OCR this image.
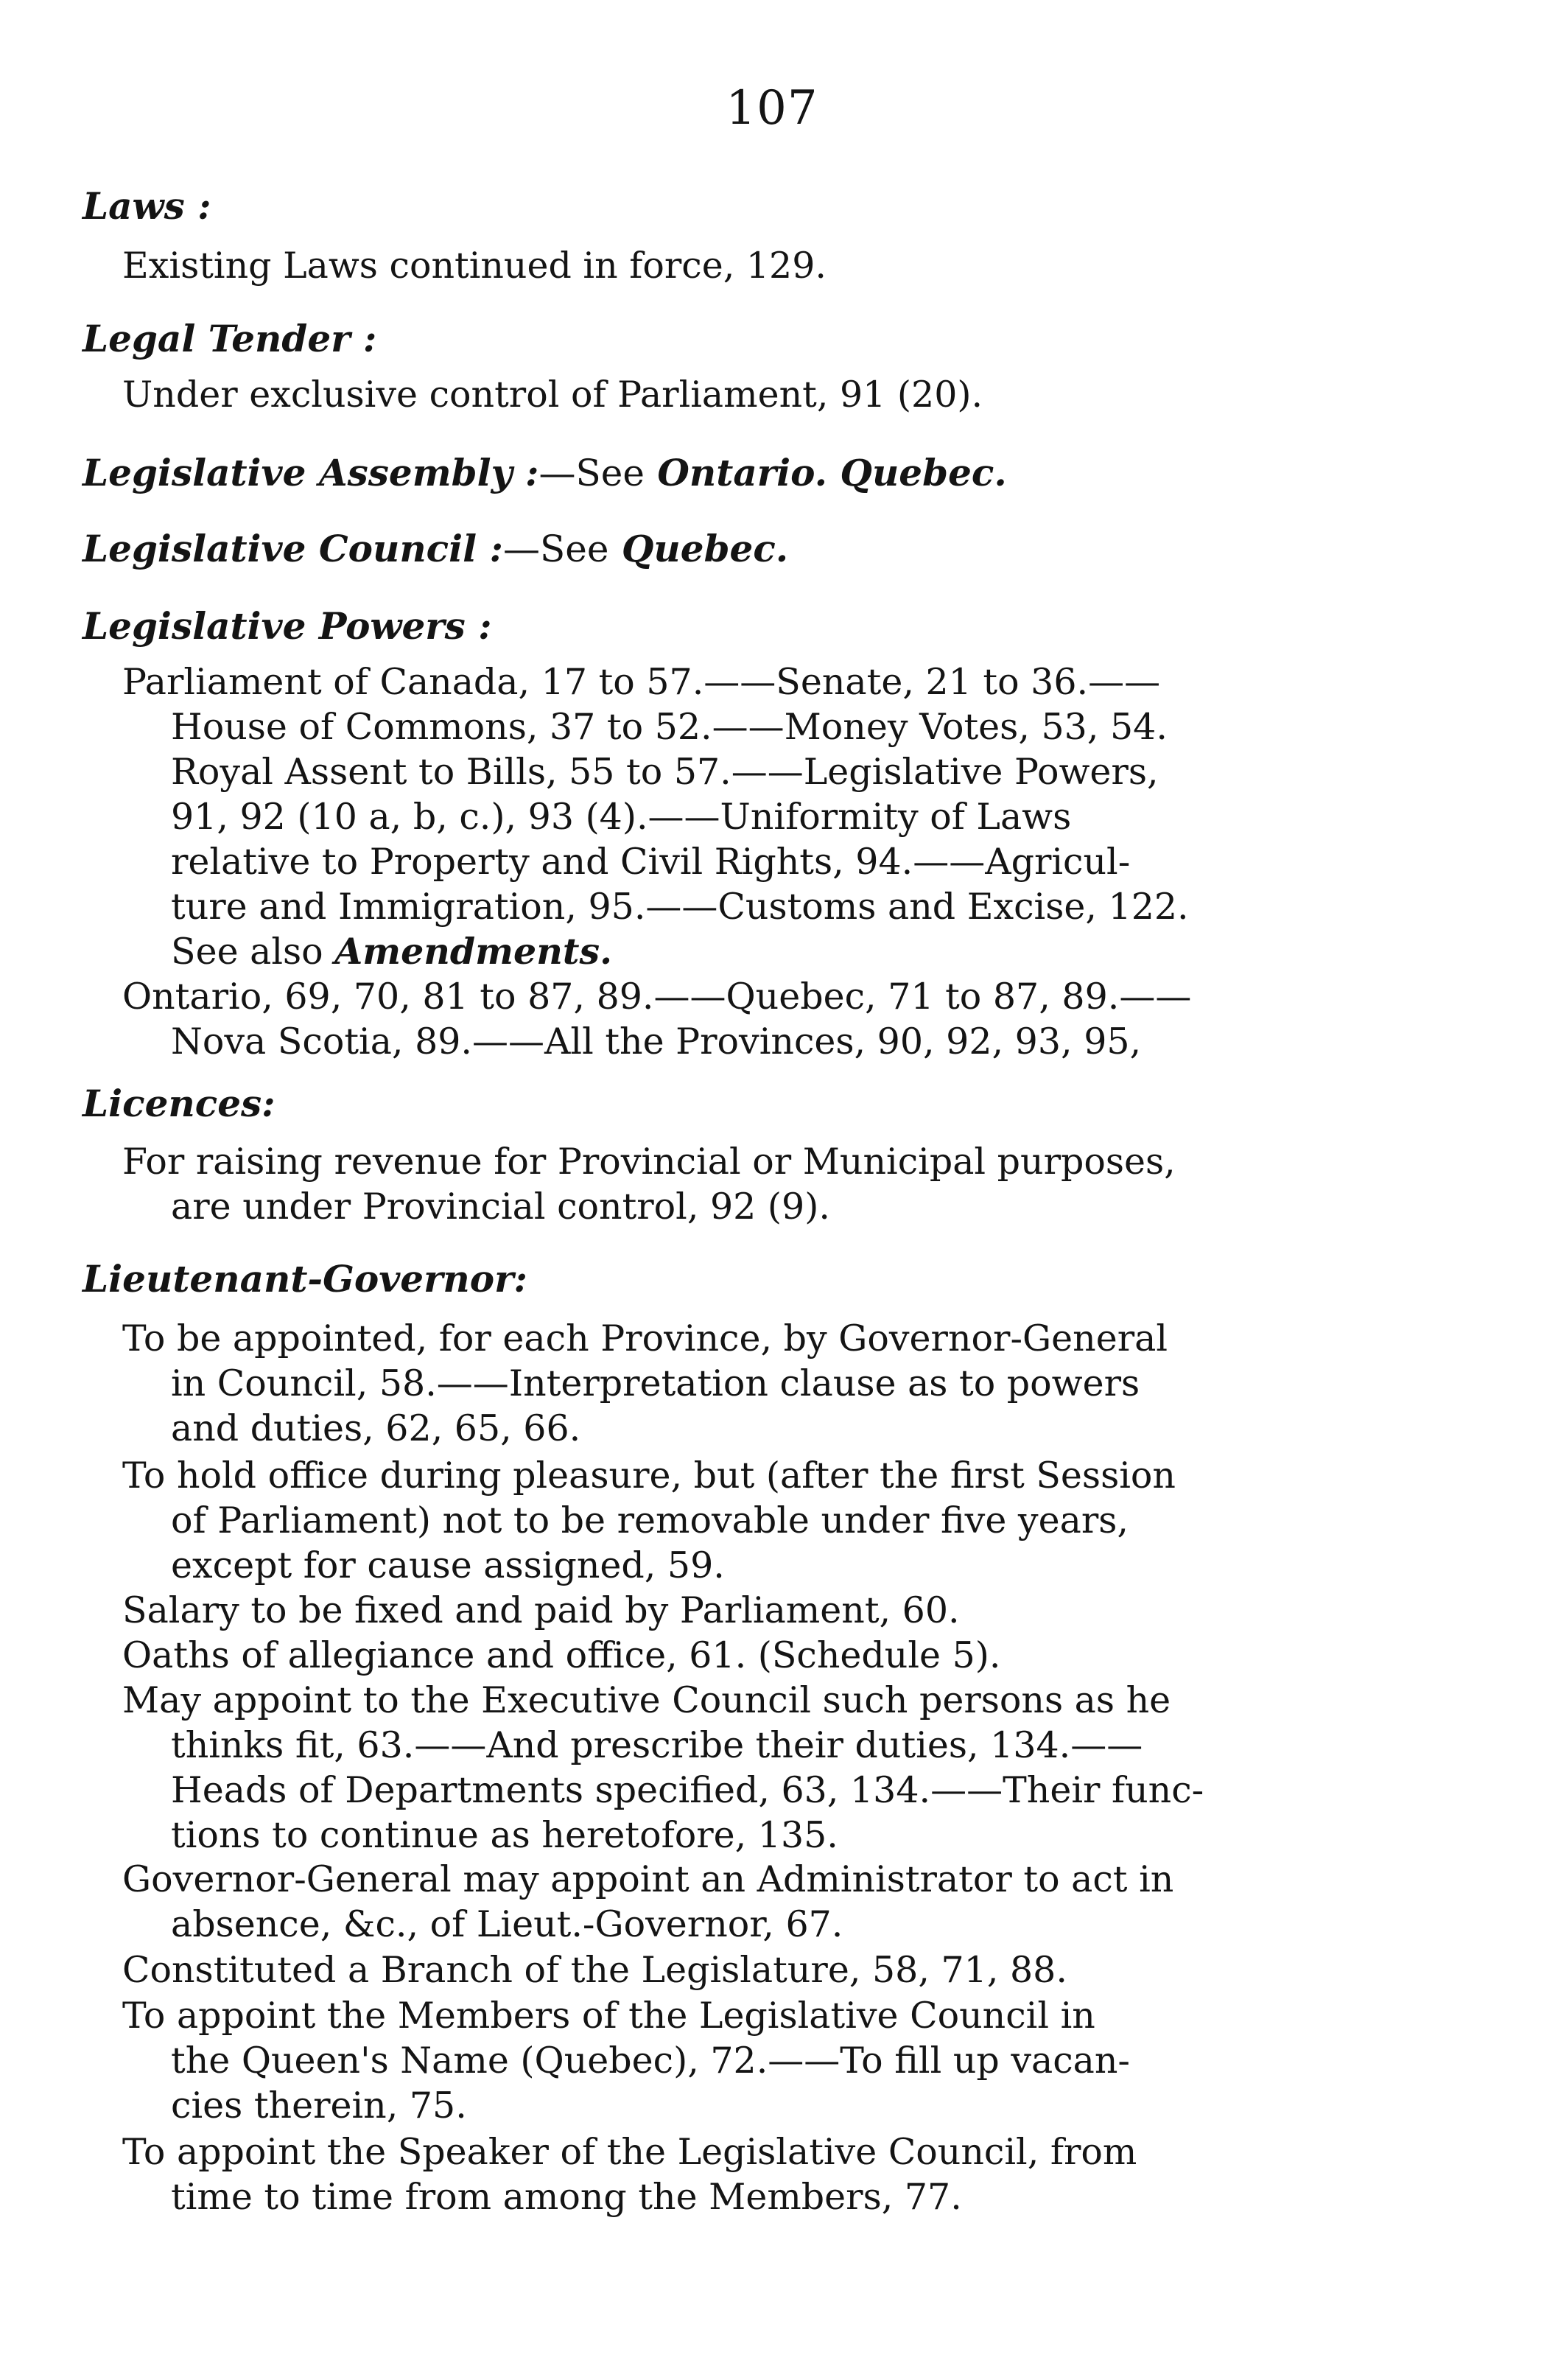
107
Laws :
Existing Laws continued in force, 129.
Legal Tender :
Under exclusive control of Parliament, 91 (20).
Legislative Assembly :—See Ontario. Quebec.
Legislative Council :—See Quebec.
Legislative Powers :
Parliament of Canada, 17 to 57.——Senate, 21 to 36.——
House of Commons, 37 to 52.——Money Votes, 53, 54.
Royal Assent to Bills, 55 to 57.——Legislative Powers,
91, 92 (10 a, b, c.), 93 (4).——Uniformity of Laws
relative to Property and Civil Rights, 94.——Agricul-
ture and Immigration, 95.——Customs and Excise, 122.
See also Amendments.
Ontario, 69, 70, 81 to 87, 89.——Quebec, 71 to 87, 89.——
Nova Scotia, 89.——All the Provinces, 90, 92, 93, 95,
Licences:
For raising revenue for Provincial or Municipal purposes,
are under Provincial control, 92 (9).
Lieutenant-Governor:
To be appointed, for each Province, by Governor-General
in Council, 58.——Interpretation clause as to powers
and duties, 62, 65, 66.
To hold office during pleasure, but (after the first Session
of Parliament) not to be removable under five years,
except for cause assigned, 59.
Salary to be fixed and paid by Parliament, 60.
Oaths of allegiance and office, 61. (Schedule 5).
May appoint to the Executive Council such persons as he
thinks fit, 63.——And prescribe their duties, 134.——
Heads of Departments specified, 63, 134.——Their func-
tions to continue as heretofore, 135.
Governor-General may appoint an Administrator to act in
absence, &c., of Lieut.-Governor, 67.
Constituted a Branch of the Legislature, 58, 71, 88.
To appoint the Members of the Legislative Council in
the Queen's Name (Quebec), 72.——To fill up vacan-
cies therein, 75.
To appoint the Speaker of the Legislative Council, from
time to time from among the Members, 77.
